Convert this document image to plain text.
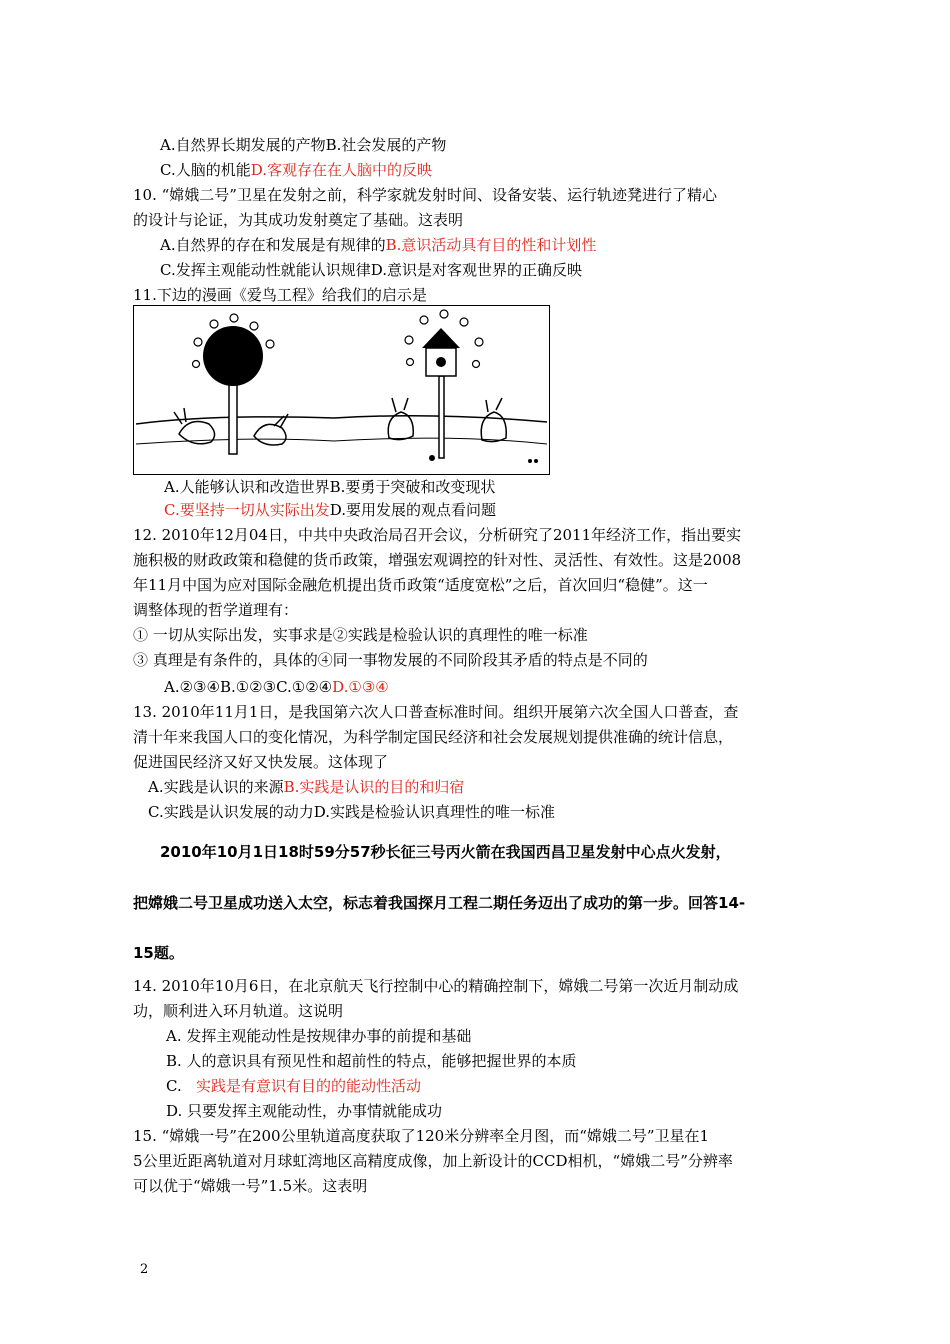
A.自然界长期发展的产物B.社会发展的产物
C.人脑的机能D.客观存在在人脑中的反映
10. “嫦娥二号”卫星在发射之前，科学家就发射时间、设备安装、运行轨迹凳进行了精心
的设计与论证，为其成功发射奠定了基础。这表明
A.自然界的存在和发展是有规律的B.意识活动具有目的性和计划性
C.发挥主观能动性就能认识规律D.意识是对客观世界的正确反映
11.下边的漫画《爱鸟工程》给我们的启示是
A.人能够认识和改造世界B.要勇于突破和改变现状
C.要坚持一切从实际出发D.要用发展的观点看问题
12. 2010年12月04日，中共中央政治局召开会议，分析研究了2011年经济工作，指出要实
施积极的财政政策和稳健的货币政策，增强宏观调控的针对性、灵活性、有效性。这是2008
年11月中国为应对国际金融危机提出货币政策“适度宽松”之后，首次回归“稳健”。这一
调整体现的哲学道理有：
① 一切从实际出发，实事求是②实践是检验认识的真理性的唯一标准
③ 真理是有条件的，具体的④同一事物发展的不同阶段其矛盾的特点是不同的
A.②③④B.①②③C.①②④D.①③④
13. 2010年11月1日，是我国第六次人口普查标准时间。组织开展第六次全国人口普查，查
清十年来我国人口的变化情况，为科学制定国民经济和社会发展规划提供准确的统计信息，
促进国民经济又好又快发展。这体现了
A.实践是认识的来源B.实践是认识的目的和归宿
C.实践是认识发展的动力D.实践是检验认识真理性的唯一标准
2010年10月1日18时59分57秒长征三号丙火箭在我国西昌卫星发射中心点火发射，
把嫦娥二号卫星成功送入太空，标志着我国探月工程二期任务迈出了成功的第一步。回答14-
15题。
14. 2010年10月6日，在北京航天飞行控制中心的精确控制下，嫦娥二号第一次近月制动成
功，顺利进入环月轨道。这说明
A. 发挥主观能动性是按规律办事的前提和基础
B. 人的意识具有预见性和超前性的特点，能够把握世界的本质
C.   实践是有意识有目的的能动性活动
D. 只要发挥主观能动性，办事情就能成功
15. “嫦娥一号”在200公里轨道高度获取了120米分辨率全月图，而“嫦娥二号”卫星在1
5公里近距离轨道对月球虹湾地区高精度成像，加上新设计的CCD相机，“嫦娥二号”分辨率
可以优于“嫦娥一号”1.5米。这表明
2
